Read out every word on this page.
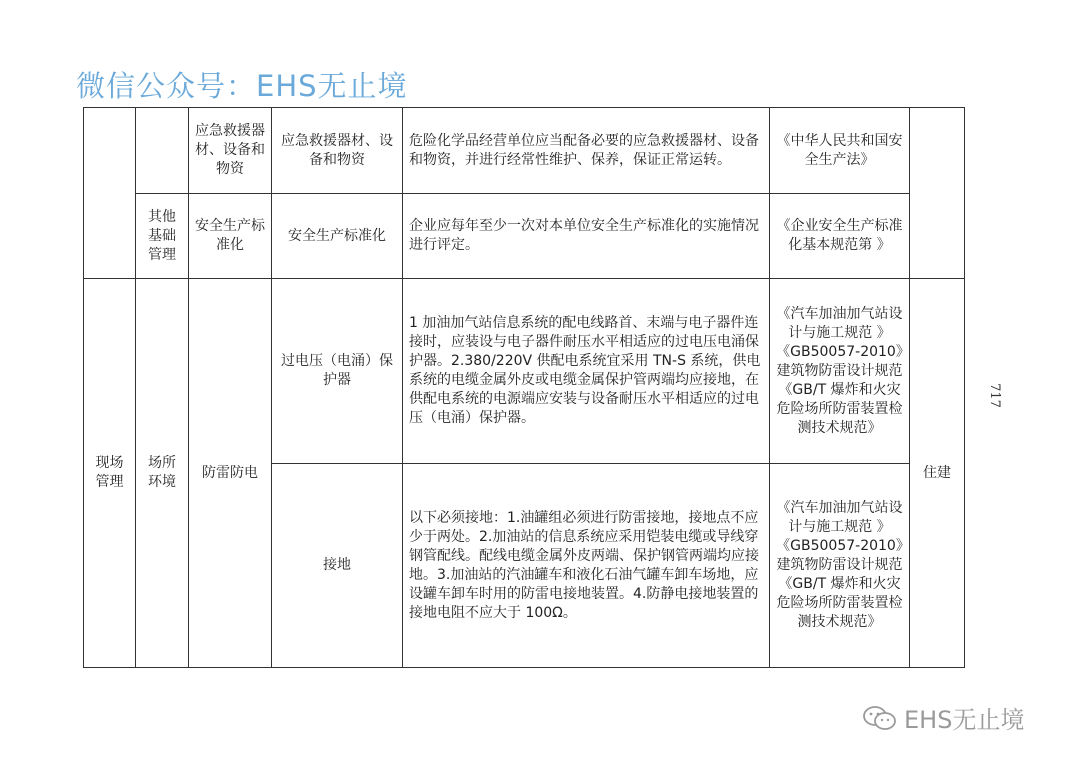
微信公众号：EHS无止境
		应急救援器材、设备和物资	应急救援器材、设备和物资	危险化学品经营单位应当配备必要的应急救援器材、设备和物资，并进行经常性维护、保养，保证正常运转。	《中华人民共和国安全生产法》	
	其他基础管理	安全生产标准化	安全生产标准化	企业应每年至少一次对本单位安全生产标准化的实施情况进行评定。	《企业安全生产标准化基本规范第 》	
现场管理	场所环境	防雷防电	过电压（电涌）保护器	1 加油加气站信息系统的配电线路首、末端与电子器件连接时，应装设与电子器件耐压水平相适应的过电压电涌保护器。2.380/220V 供配电系统宜采用 TN-S 系统，供电系统的电缆金属外皮或电缆金属保护管两端均应接地，在供配电系统的电源端应安装与设备耐压水平相适应的过电压（电涌）保护器。	《汽车加油加气站设计与施工规范 》《GB50057-2010》建筑物防雷设计规范《GB/T 爆炸和火灾危险场所防雷装置检测技术规范》	住建
			接地	以下必须接地：1.油罐组必须进行防雷接地，接地点不应少于两处。2.加油站的信息系统应采用铠装电缆或导线穿钢管配线。配线电缆金属外皮两端、保护钢管两端均应接地。3.加油站的汽油罐车和液化石油气罐车卸车场地，应设罐车卸车时用的防雷电接地装置。4.防静电接地装置的接地电阻不应大于 100Ω。	《汽车加油加气站设计与施工规范 》《GB50057-2010》建筑物防雷设计规范《GB/T 爆炸和火灾危险场所防雷装置检测技术规范》	
717
EHS无止境
